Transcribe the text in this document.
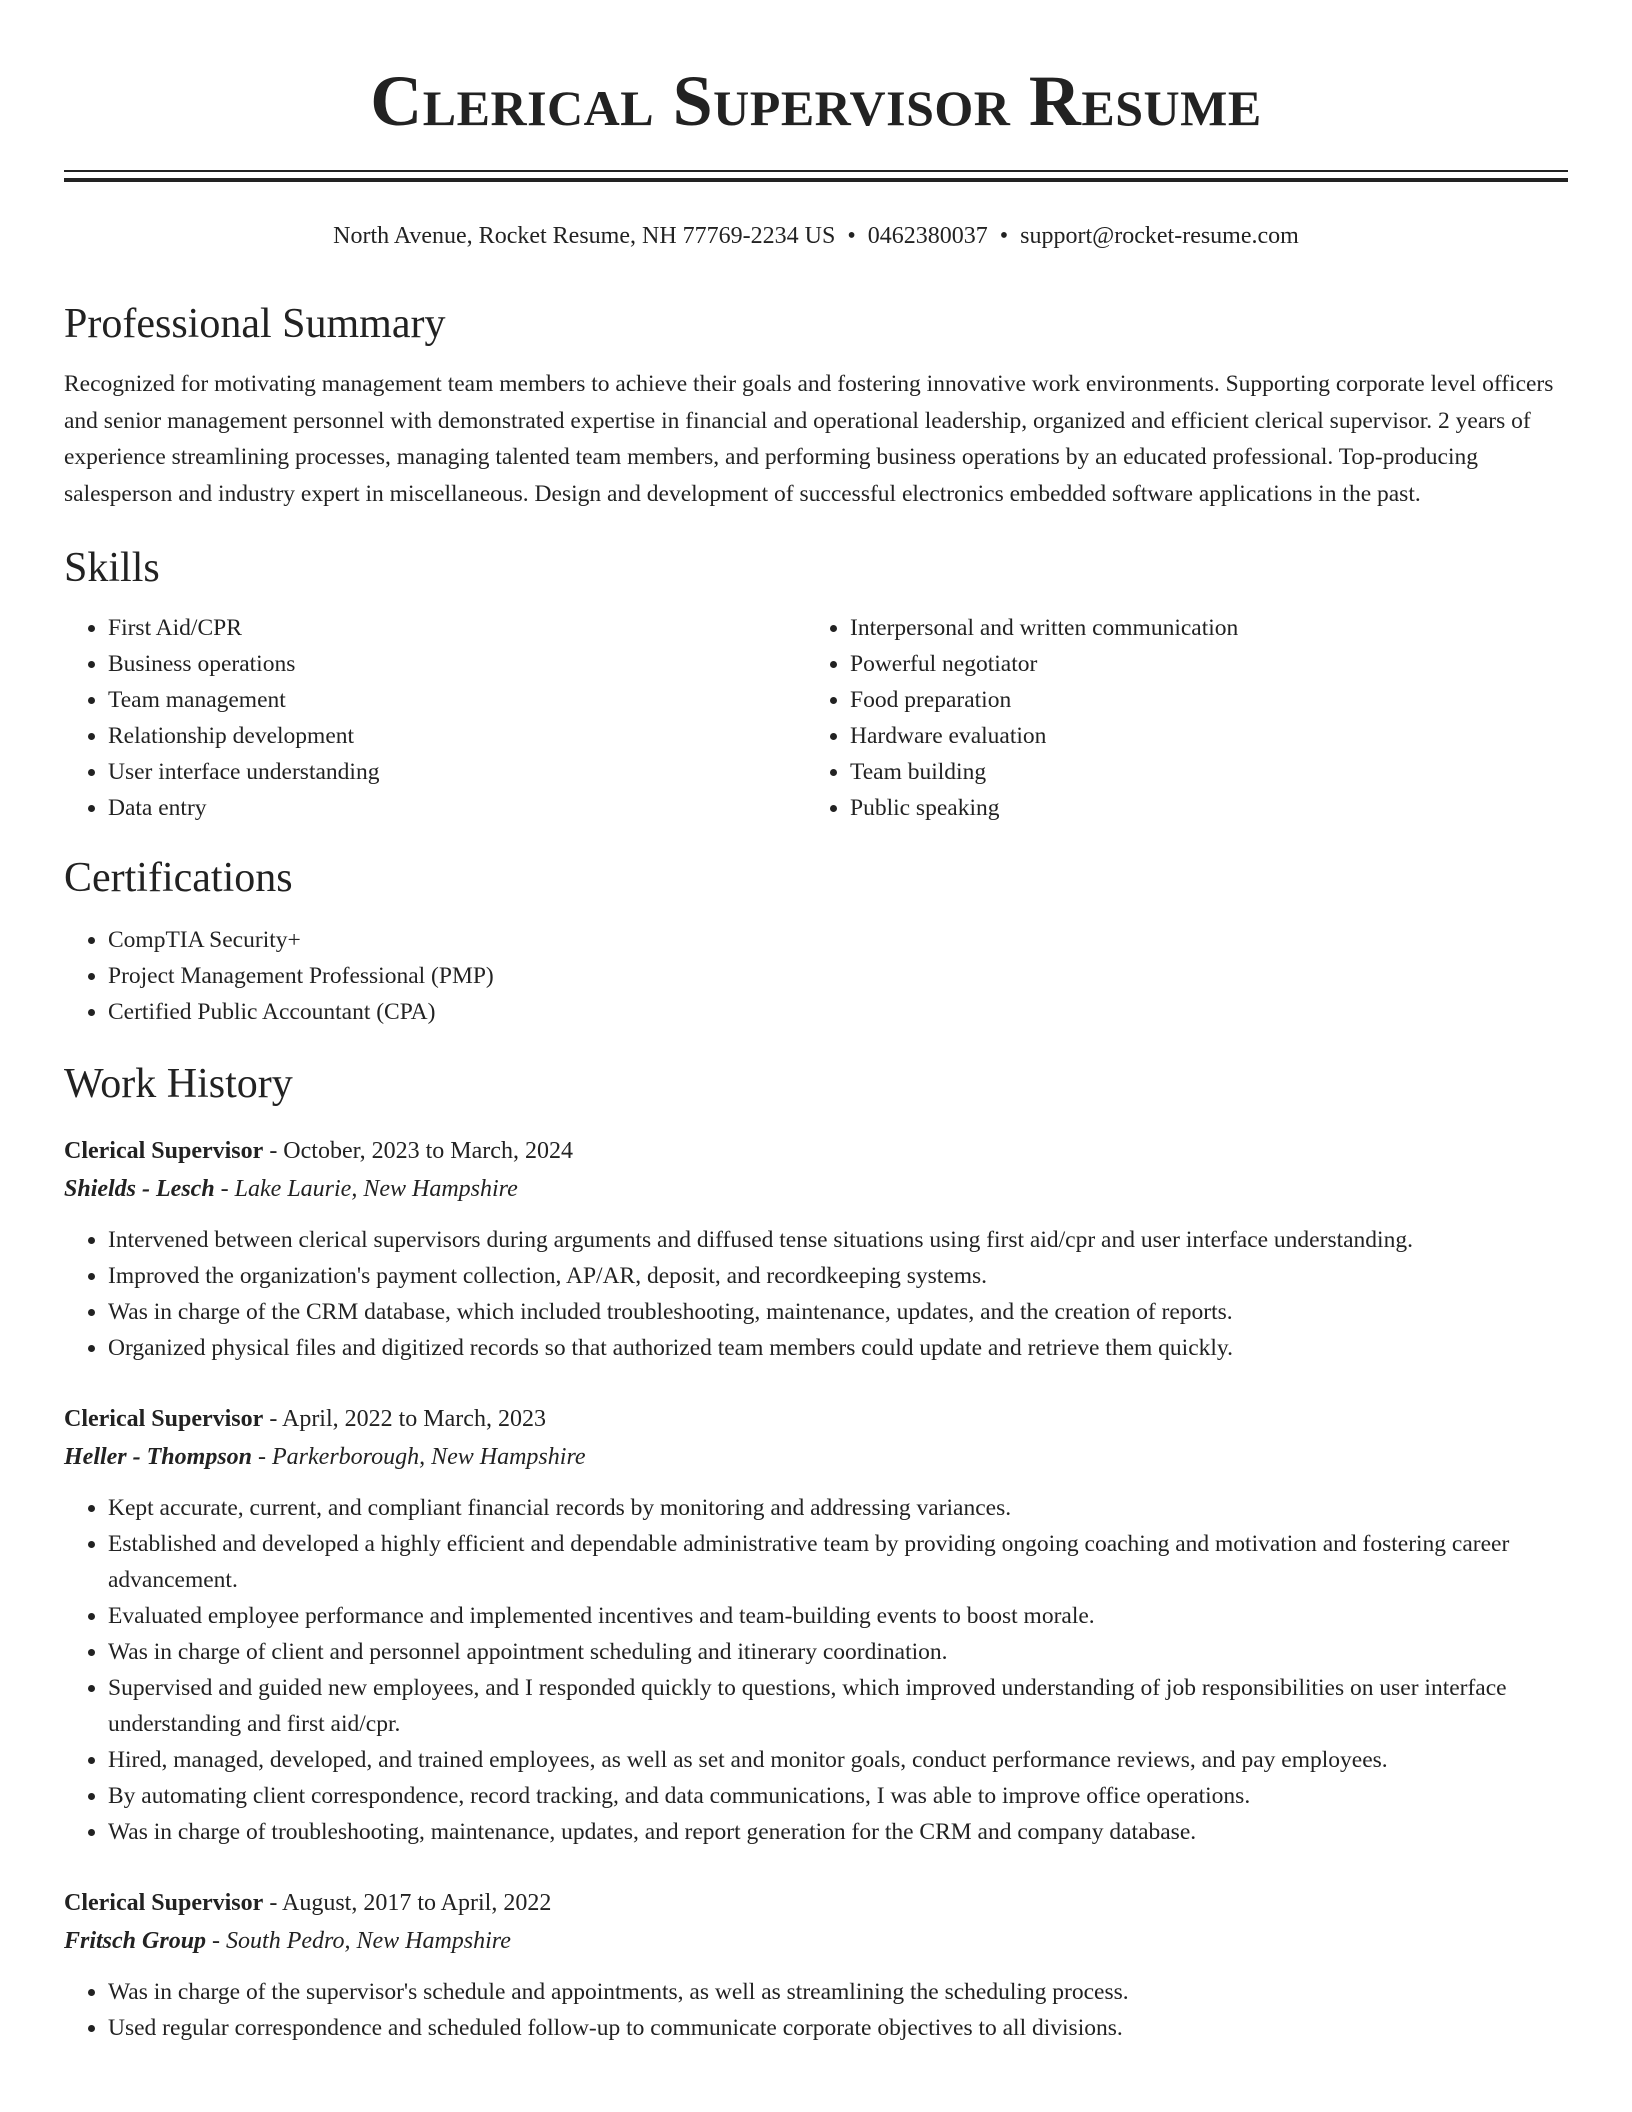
Clerical Supervisor Resume
North Avenue, Rocket Resume, NH 77769-2234 US • 0462380037 • support@rocket-resume.com
Professional Summary

Recognized for motivating management team members to achieve their goals and fostering innovative work environments. Supporting corporate level officers and senior management personnel with demonstrated expertise in financial and operational leadership, organized and efficient clerical supervisor. 2 years of experience streamlining processes, managing talented team members, and performing business operations by an educated professional. Top-producing salesperson and industry expert in miscellaneous. Design and development of successful electronics embedded software applications in the past.

Skills
• First Aid/CPR
• Business operations
• Team management
• Relationship development
• User interface understanding
• Data entry
• Interpersonal and written communication
• Powerful negotiator
• Food preparation
• Hardware evaluation
• Team building
• Public speaking
Certifications
• CompTIA Security+
• Project Management Professional (PMP)
• Certified Public Accountant (CPA)
Work History
Clerical Supervisor - October, 2023 to March, 2024
Shields - Lesch - Lake Laurie, New Hampshire
• Intervened between clerical supervisors during arguments and diffused tense situations using first aid/cpr and user interface understanding.
• Improved the organization's payment collection, AP/AR, deposit, and recordkeeping systems.
• Was in charge of the CRM database, which included troubleshooting, maintenance, updates, and the creation of reports.
• Organized physical files and digitized records so that authorized team members could update and retrieve them quickly.
Clerical Supervisor - April, 2022 to March, 2023
Heller - Thompson - Parkerborough, New Hampshire
• Kept accurate, current, and compliant financial records by monitoring and addressing variances.
• Established and developed a highly efficient and dependable administrative team by providing ongoing coaching and motivation and fostering career advancement.
• Evaluated employee performance and implemented incentives and team-building events to boost morale.
• Was in charge of client and personnel appointment scheduling and itinerary coordination.
• Supervised and guided new employees, and I responded quickly to questions, which improved understanding of job responsibilities on user interface understanding and first aid/cpr.
• Hired, managed, developed, and trained employees, as well as set and monitor goals, conduct performance reviews, and pay employees.
• By automating client correspondence, record tracking, and data communications, I was able to improve office operations.
• Was in charge of troubleshooting, maintenance, updates, and report generation for the CRM and company database.
Clerical Supervisor - August, 2017 to April, 2022
Fritsch Group - South Pedro, New Hampshire
• Was in charge of the supervisor's schedule and appointments, as well as streamlining the scheduling process.
• Used regular correspondence and scheduled follow-up to communicate corporate objectives to all divisions.
